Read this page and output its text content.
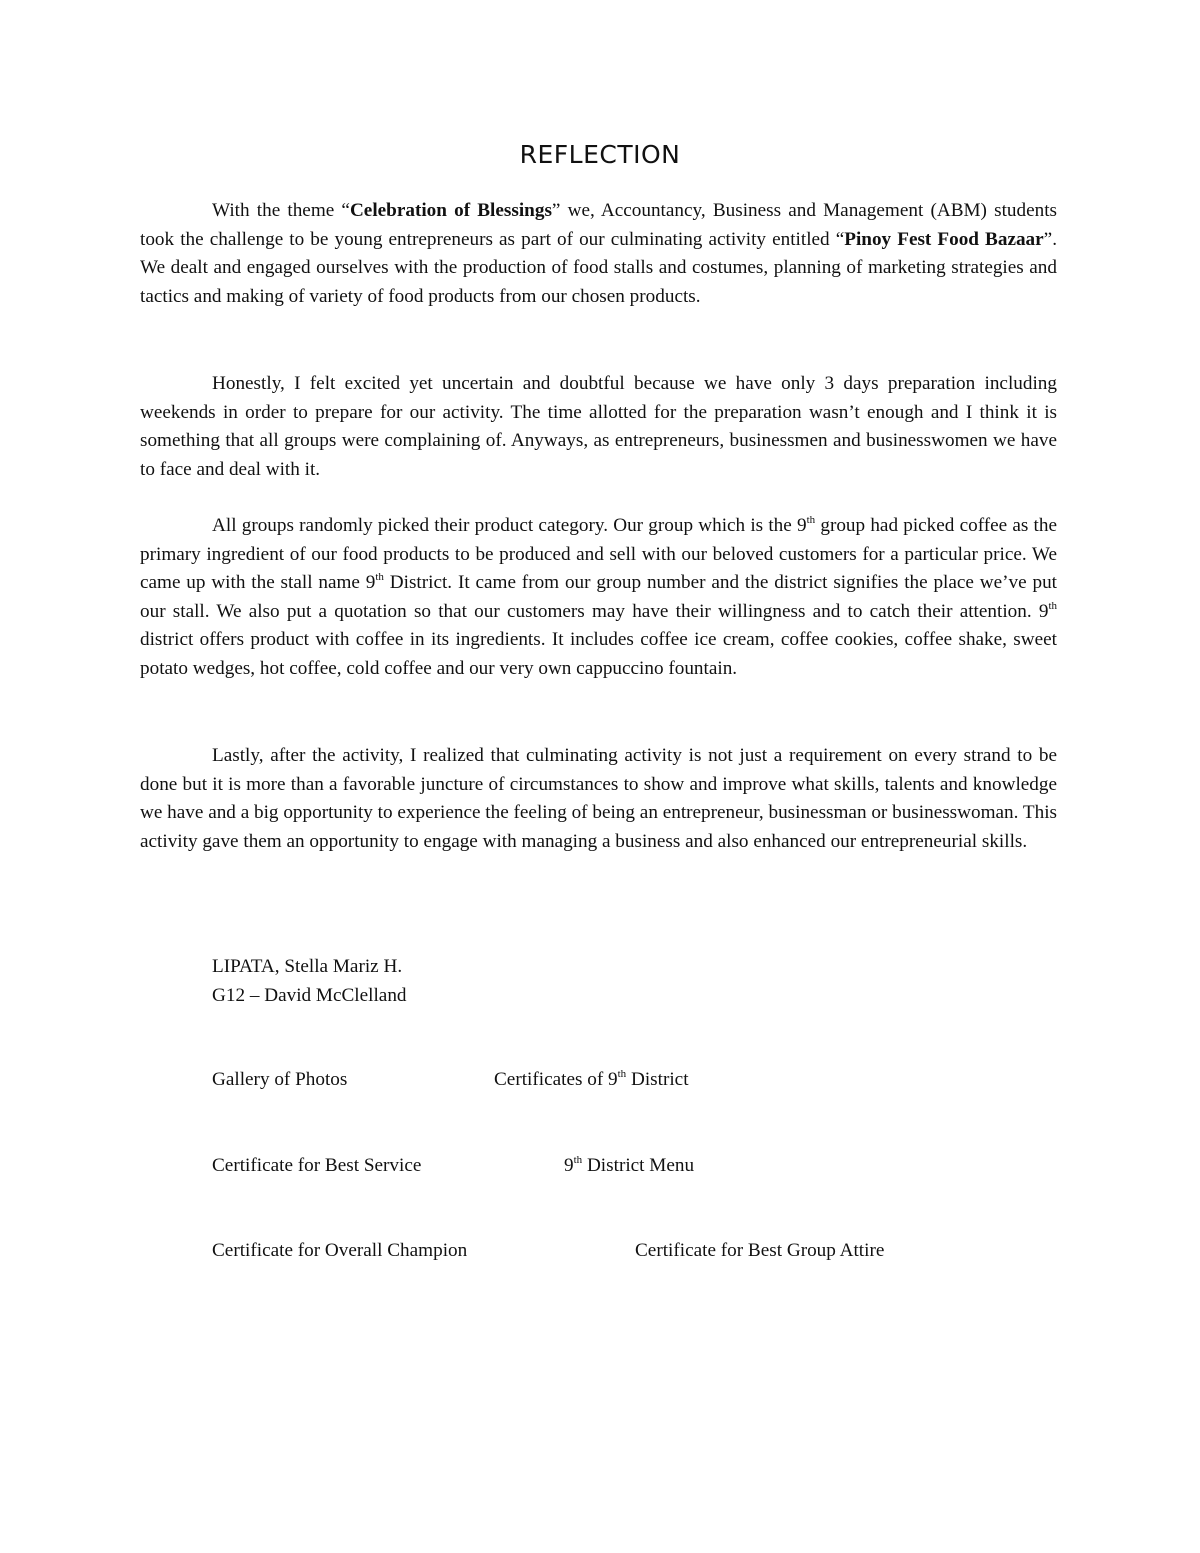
REFLECTION

With the theme “Celebration of Blessings” we, Accountancy, Business and Management (ABM) students took the challenge to be young entrepreneurs as part of our culminating activity entitled “Pinoy Fest Food Bazaar”. We dealt and engaged ourselves with the production of food stalls and costumes, planning of marketing strategies and tactics and making of variety of food products from our chosen products.

Honestly, I felt excited yet uncertain and doubtful because we have only 3 days preparation including weekends in order to prepare for our activity. The time allotted for the preparation wasn’t enough and I think it is something that all groups were complaining of. Anyways, as entrepreneurs, businessmen and businesswomen we have to face and deal with it.

All groups randomly picked their product category. Our group which is the 9th group had picked coffee as the primary ingredient of our food products to be produced and sell with our beloved customers for a particular price. We came up with the stall name 9th District. It came from our group number and the district signifies the place we’ve put our stall. We also put a quotation so that our customers may have their willingness and to catch their attention. 9th district offers product with coffee in its ingredients. It includes coffee ice cream, coffee cookies, coffee shake, sweet potato wedges, hot coffee, cold coffee and our very own cappuccino fountain.

Lastly, after the activity, I realized that culminating activity is not just a requirement on every strand to be done but it is more than a favorable juncture of circumstances to show and improve what skills, talents and knowledge we have and a big opportunity to experience the feeling of being an entrepreneur, businessman or businesswoman. This activity gave them an opportunity to engage with managing a business and also enhanced our entrepreneurial skills.

LIPATA, Stella Mariz H.
G12 – David McClelland
Gallery of Photos	Certificates of 9th District
Certificate for Best Service	9th District Menu
Certificate for Overall Champion	Certificate for Best Group Attire
